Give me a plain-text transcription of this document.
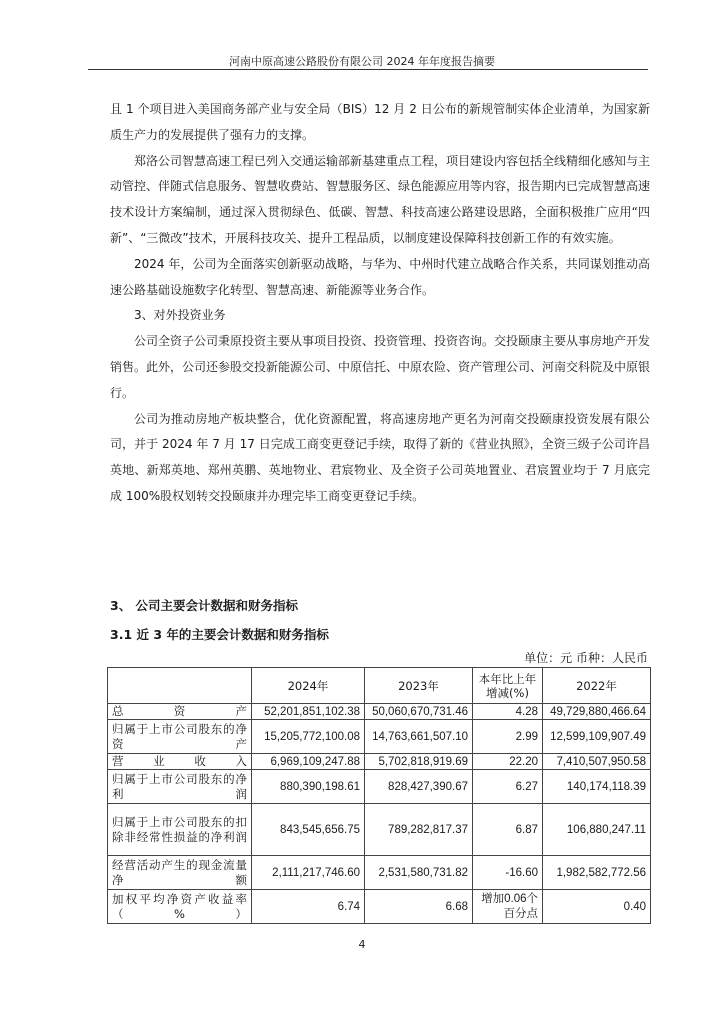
河南中原高速公路股份有限公司 2024 年年度报告摘要

且 1 个项目进入美国商务部产业与安全局（BIS）12 月 2 日公布的新规管制实体企业清单，为国家新质生产力的发展提供了强有力的支撑。

郑洛公司智慧高速工程已列入交通运输部新基建重点工程，项目建设内容包括全线精细化感知与主动管控、伴随式信息服务、智慧收费站、智慧服务区、绿色能源应用等内容，报告期内已完成智慧高速技术设计方案编制，通过深入贯彻绿色、低碳、智慧、科技高速公路建设思路，全面积极推广应用“四新”、“三微改”技术，开展科技攻关、提升工程品质，以制度建设保障科技创新工作的有效实施。

2024 年，公司为全面落实创新驱动战略，与华为、中州时代建立战略合作关系，共同谋划推动高速公路基础设施数字化转型、智慧高速、新能源等业务合作。

3、对外投资业务

公司全资子公司秉原投资主要从事项目投资、投资管理、投资咨询。交投颐康主要从事房地产开发销售。此外，公司还参股交投新能源公司、中原信托、中原农险、资产管理公司、河南交科院及中原银行。

公司为推动房地产板块整合，优化资源配置，将高速房地产更名为河南交投颐康投资发展有限公司，并于 2024 年 7 月 17 日完成工商变更登记手续，取得了新的《营业执照》，全资三级子公司许昌英地、新郑英地、郑州英鹏、英地物业、君宸物业、及全资子公司英地置业、君宸置业均于 7 月底完成 100%股权划转交投颐康并办理完毕工商变更登记手续。

3、 公司主要会计数据和财务指标
3.1 近 3 年的主要会计数据和财务指标
单位：元 币种：人民币
	2024年	2023年	本年比上年增减(%)	2022年
总资产	52,201,851,102.38	50,060,670,731.46	4.28	49,729,880,466.64
归属于上市公司股东的净资产	15,205,772,100.08	14,763,661,507.10	2.99	12,599,109,907.49
营业收入	6,969,109,247.88	5,702,818,919.69	22.20	7,410,507,950.58
归属于上市公司股东的净利润	880,390,198.61	828,427,390.67	6.27	140,174,118.39
归属于上市公司股东的扣除非经常性损益的净利润	843,545,656.75	789,282,817.37	6.87	106,880,247.11
经营活动产生的现金流量净额	2,111,217,746.60	2,531,580,731.82	-16.60	1,982,582,772.56
加权平均净资产收益率（%）	6.74	6.68	增加0.06个百分点	0.40
4
